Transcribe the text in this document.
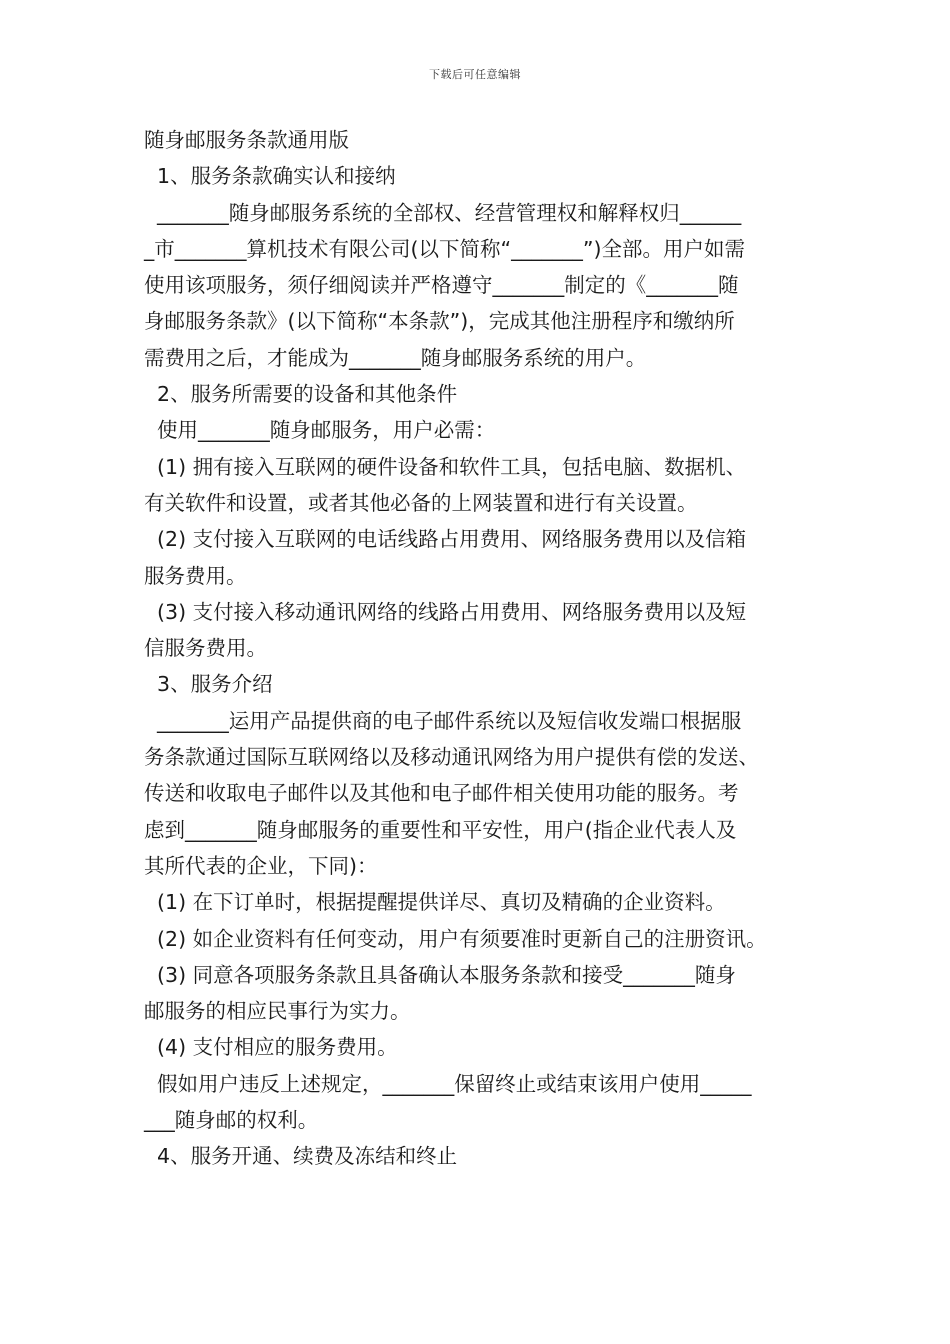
下载后可任意编辑
随身邮服务条款通用版
1、服务条款确实认和接纳
_______随身邮服务系统的全部权、经营管理权和解释权归______
_市_______算机技术有限公司(以下简称“_______”)全部。用户如需
使用该项服务，须仔细阅读并严格遵守_______制定的《_______随
身邮服务条款》(以下简称“本条款”)，完成其他注册程序和缴纳所
需费用之后，才能成为_______随身邮服务系统的用户。
2、服务所需要的设备和其他条件
使用_______随身邮服务，用户必需：
(1) 拥有接入互联网的硬件设备和软件工具，包括电脑、数据机、
有关软件和设置，或者其他必备的上网装置和进行有关设置。
(2) 支付接入互联网的电话线路占用费用、网络服务费用以及信箱
服务费用。
(3) 支付接入移动通讯网络的线路占用费用、网络服务费用以及短
信服务费用。
3、服务介绍
_______运用产品提供商的电子邮件系统以及短信收发端口根据服
务条款通过国际互联网络以及移动通讯网络为用户提供有偿的发送、
传送和收取电子邮件以及其他和电子邮件相关使用功能的服务。考
虑到_______随身邮服务的重要性和平安性，用户(指企业代表人及
其所代表的企业，下同)：
(1) 在下订单时，根据提醒提供详尽、真切及精确的企业资料。
(2) 如企业资料有任何变动，用户有须要准时更新自己的注册资讯。
(3) 同意各项服务条款且具备确认本服务条款和接受_______随身
邮服务的相应民事行为实力。
(4) 支付相应的服务费用。
假如用户违反上述规定，_______保留终止或结束该用户使用_____
___随身邮的权利。
4、服务开通、续费及冻结和终止
